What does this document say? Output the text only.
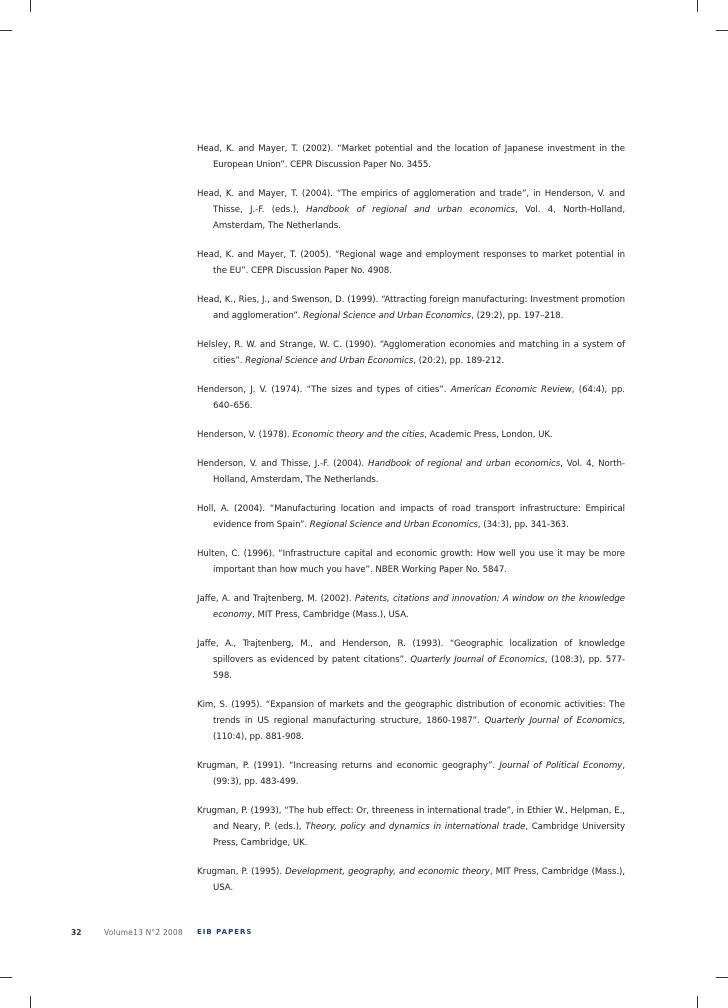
Head, K. and Mayer, T. (2002). “Market potential and the location of Japanese investment in the European Union”. CEPR Discussion Paper No. 3455.

Head, K. and Mayer, T. (2004). “The empirics of agglomeration and trade”, in Henderson, V. and Thisse, J.-F. (eds.), Handbook of regional and urban economics, Vol. 4, North-Holland, Amsterdam, The Netherlands.

Head, K. and Mayer, T. (2005). “Regional wage and employment responses to market potential in the EU”. CEPR Discussion Paper No. 4908.

Head, K., Ries, J., and Swenson, D. (1999). “Attracting foreign manufacturing: Investment promotion and agglomeration”. Regional Science and Urban Economics, (29:2), pp. 197–218.

Helsley, R. W. and Strange, W. C. (1990). “Agglomeration economies and matching in a system of cities”. Regional Science and Urban Economics, (20:2), pp. 189-212.

Henderson, J. V. (1974). “The sizes and types of cities”. American Economic Review, (64:4), pp. 640–656.

Henderson, V. (1978). Economic theory and the cities, Academic Press, London, UK.

Henderson, V. and Thisse, J.-F. (2004). Handbook of regional and urban economics, Vol. 4, North-Holland, Amsterdam, The Netherlands.

Holl, A. (2004). “Manufacturing location and impacts of road transport infrastructure: Empirical evidence from Spain”. Regional Science and Urban Economics, (34:3), pp. 341-363.

Hulten, C. (1996). “Infrastructure capital and economic growth: How well you use it may be more important than how much you have”. NBER Working Paper No. 5847.

Jaffe, A. and Trajtenberg, M. (2002). Patents, citations and innovation: A window on the knowledge economy, MIT Press, Cambridge (Mass.), USA.

Jaffe, A., Trajtenberg, M., and Henderson, R. (1993). “Geographic localization of knowledge spillovers as evidenced by patent citations”. Quarterly Journal of Economics, (108:3), pp. 577-598.

Kim, S. (1995). “Expansion of markets and the geographic distribution of economic activities: The trends in US regional manufacturing structure, 1860-1987”. Quarterly Journal of Economics, (110:4), pp. 881-908.

Krugman, P. (1991). “Increasing returns and economic geography”. Journal of Political Economy, (99:3), pp. 483-499.

Krugman, P. (1993), “The hub effect: Or, threeness in international trade”, in Ethier W., Helpman, E., and Neary, P. (eds.), Theory, policy and dynamics in international trade, Cambridge University Press, Cambridge, UK.

Krugman, P. (1995). Development, geography, and economic theory, MIT Press, Cambridge (Mass.), USA.

32	Volume13 N°2 2008 EIB PAPERS
